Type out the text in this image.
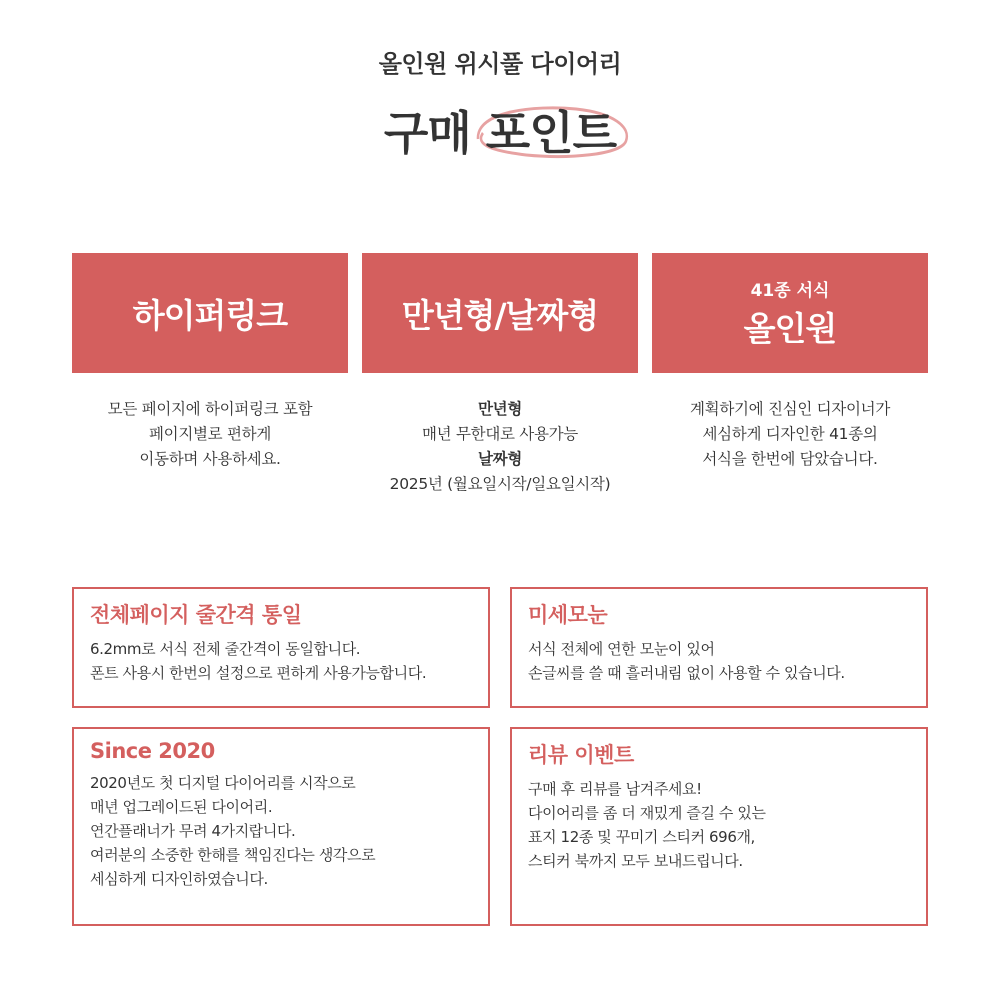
올인원 위시풀 다이어리
구매 포인트
하이퍼링크
모든 페이지에 하이퍼링크 포함
페이지별로 편하게
이동하며 사용하세요.
만년형/날짜형
만년형
매년 무한대로 사용가능
날짜형
2025년 (월요일시작/일요일시작)
41종 서식
올인원
계획하기에 진심인 디자이너가
세심하게 디자인한 41종의
서식을 한번에 담았습니다.
전체페이지 줄간격 통일
6.2mm로 서식 전체 줄간격이 동일합니다.
폰트 사용시 한번의 설정으로 편하게 사용가능합니다.
미세모눈
서식 전체에 연한 모눈이 있어
손글씨를 쓸 때 흘러내림 없이 사용할 수 있습니다.
Since 2020
2020년도 첫 디지털 다이어리를 시작으로
매년 업그레이드된 다이어리.
연간플래너가 무려 4가지랍니다.
여러분의 소중한 한해를 책임진다는 생각으로
세심하게 디자인하였습니다.
리뷰 이벤트
구매 후 리뷰를 남겨주세요!
다이어리를 좀 더 재밌게 즐길 수 있는
표지 12종 및 꾸미기 스티커 696개,
스티커 북까지 모두 보내드립니다.
